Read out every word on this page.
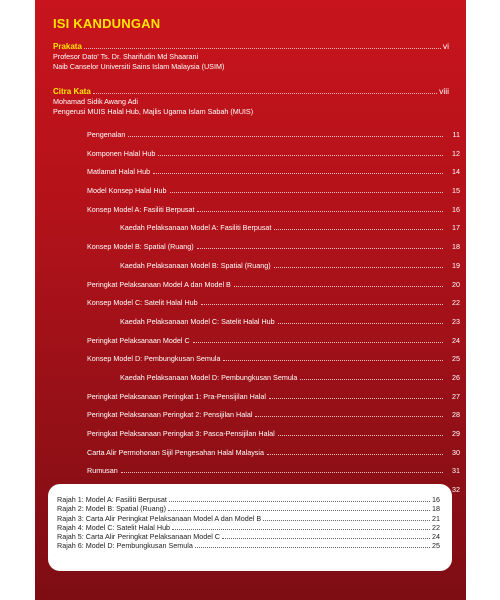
ISI KANDUNGAN
Prakata	vi
Profesor Dato' Ts. Dr. Sharifudin Md Shaarani
Naib Canselor Universiti Sains Islam Malaysia (USIM)
Citra Kata	viii
Mohamad Sidik Awang Adi
Pengerusi MUIS Halal Hub, Majlis Ugama Islam Sabah (MUIS)
Pengenalan	11
Komponen Halal Hub	12
Matlamat Halal Hub	14
Model Konsep Halal Hub	15
Konsep Model A: Fasiliti Berpusat	16
Kaedah Pelaksanaan Model A: Fasiliti Berpusat	17
Konsep Model B: Spatial (Ruang)	18
Kaedah Pelaksanaan Model B: Spatial (Ruang)	19
Peringkat Pelaksanaan Model A dan Model B	20
Konsep Model C: Satelit Halal Hub	22
Kaedah Pelaksanaan Model C: Satelit Halal Hub	23
Peringkat Pelaksanaan Model C	24
Konsep Model D: Pembungkusan Semula	25
Kaedah Pelaksanaan Model D: Pembungkusan Semula	26
Peringkat Pelaksanaan Peringkat 1: Pra-Pensijilan Halal	27
Peringkat Pelaksanaan Peringkat 2: Pensijilan Halal	28
Peringkat Pelaksanaan Peringkat 3: Pasca-Pensijilan Halal	29
Carta Alir Permohonan Sijil Pengesahan Halal Malaysia	30
Rumusan	31
32
Rajah 1: Model A: Fasiliti Berpusat	16
Rajah 2: Model B: Spatial (Ruang)	18
Rajah 3: Carta Alir Peringkat Pelaksanaan Model A dan Model B	21
Rajah 4: Model C: Satelit Halal Hub	22
Rajah 5: Carta Alir Peringkat Pelaksanaan Model C	24
Rajah 6: Model D: Pembungkusan Semula	25
